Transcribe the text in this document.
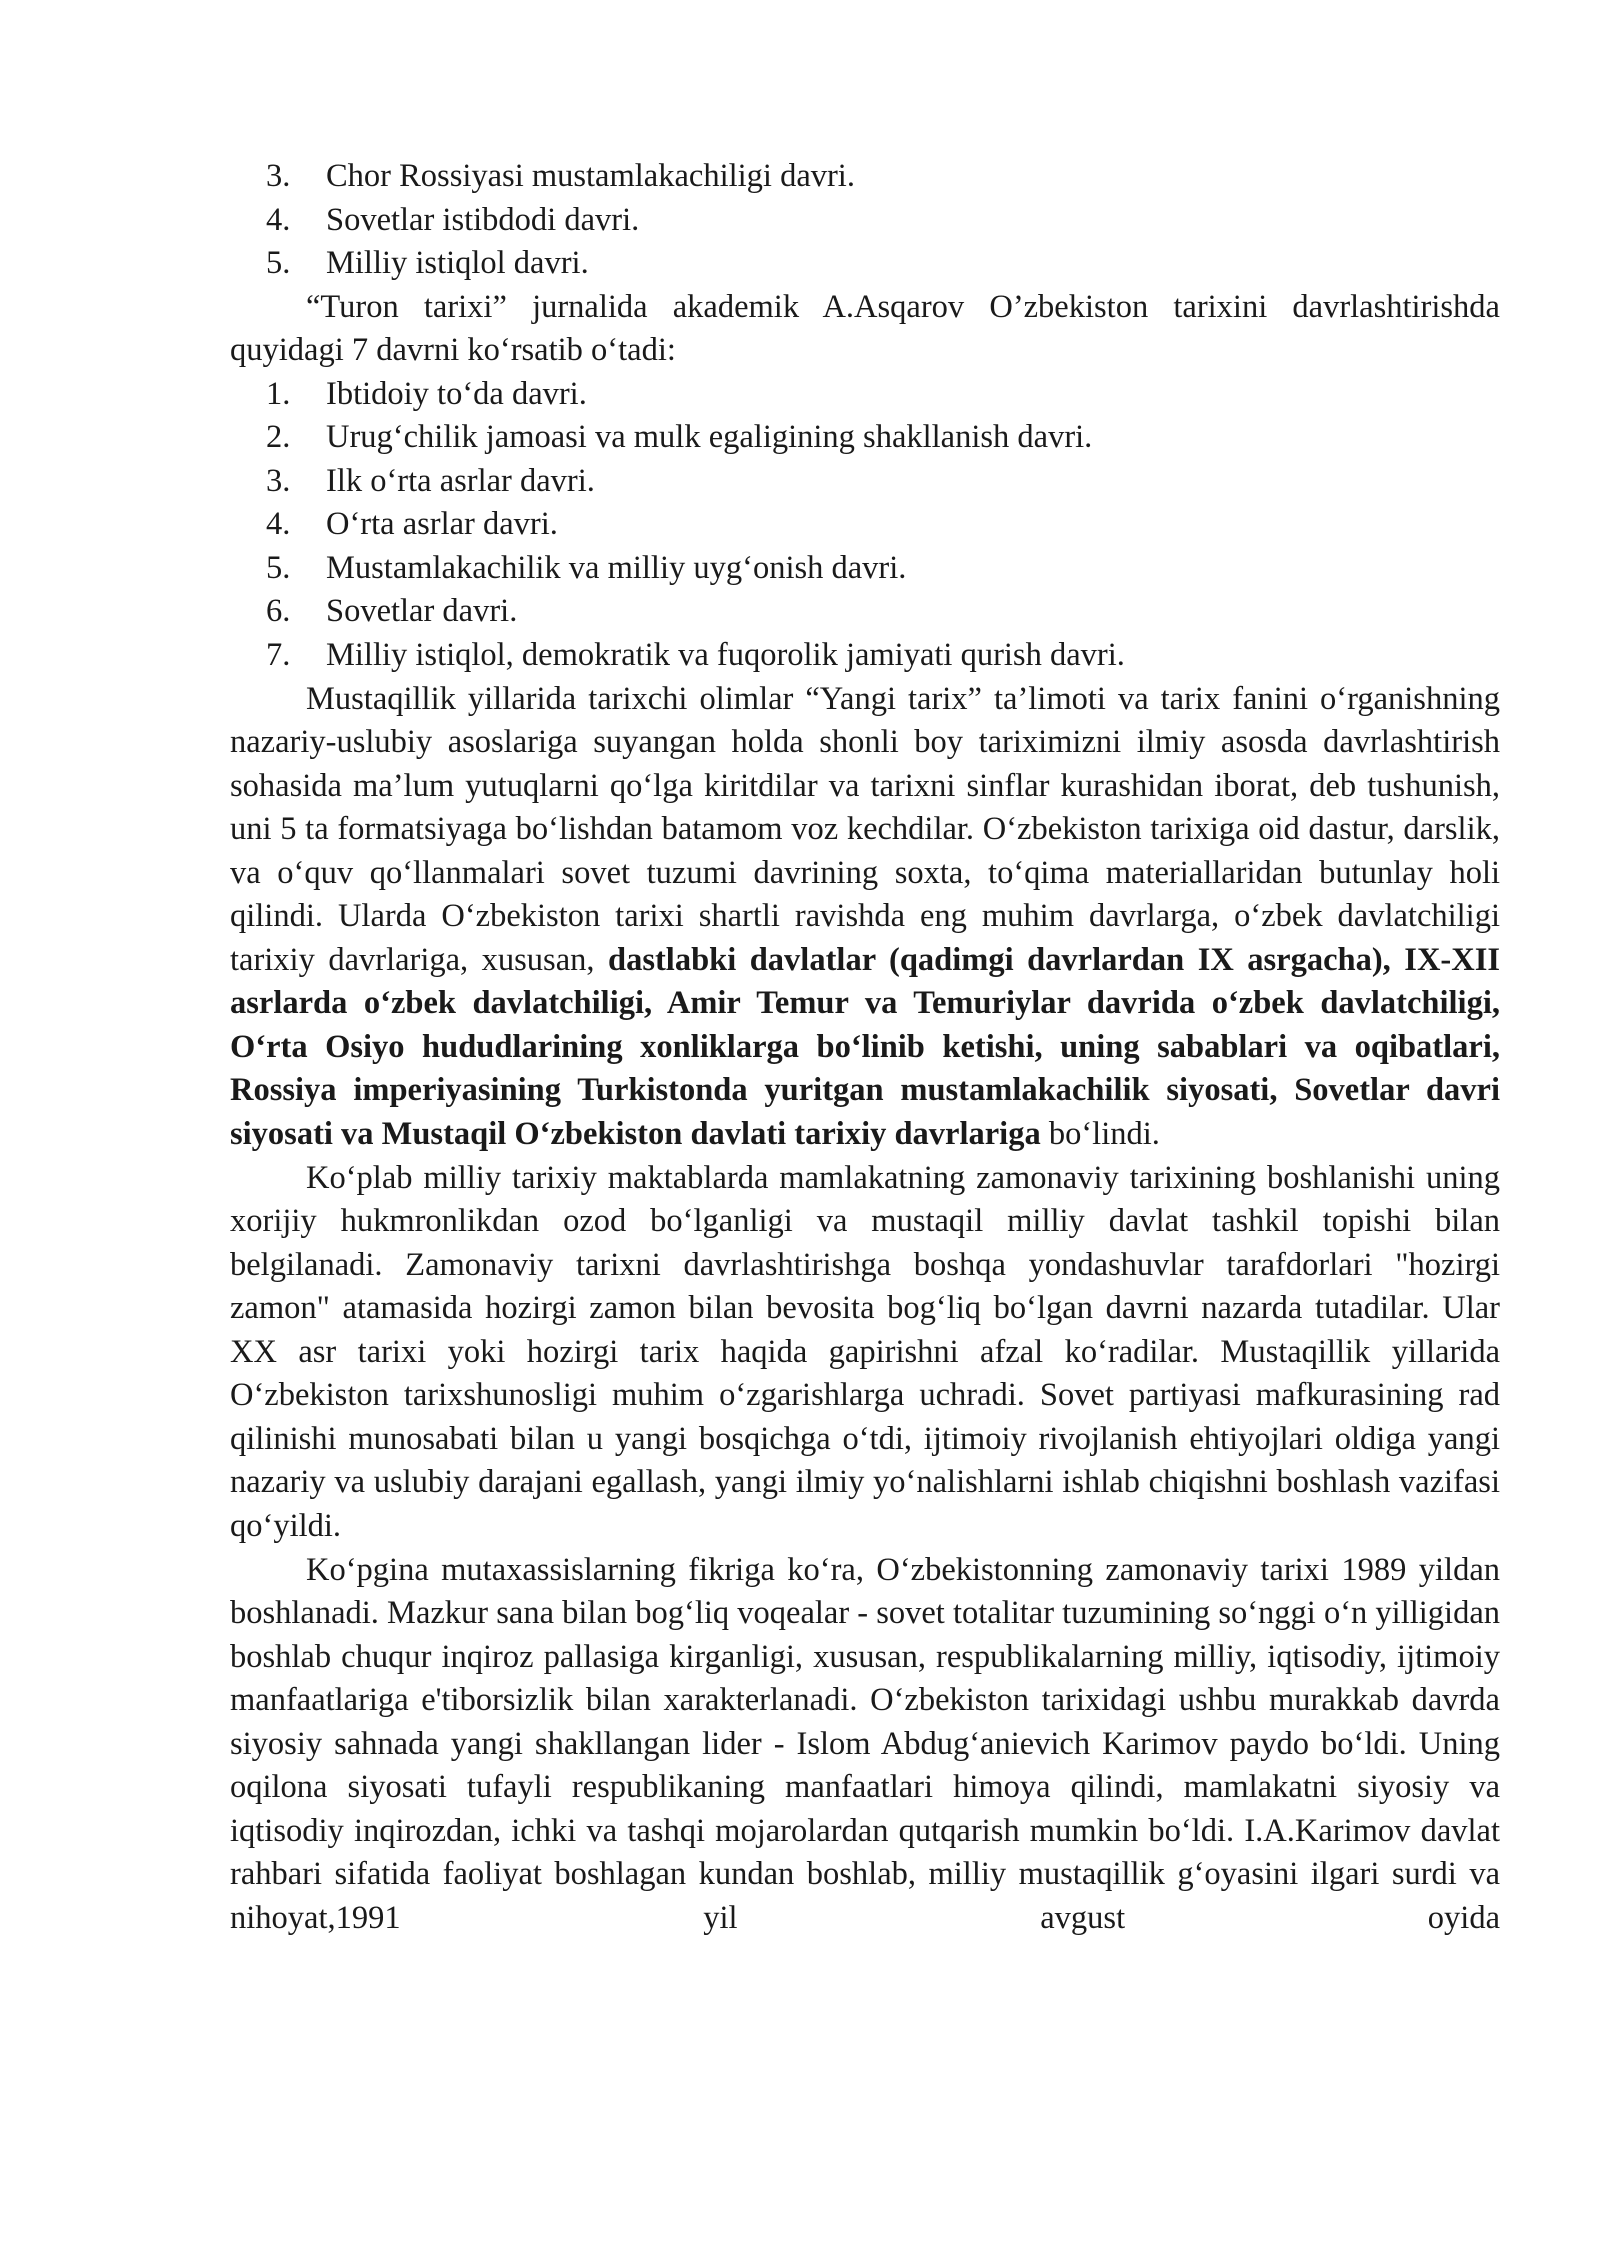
3. Chor Rossiyasi mustamlakachiligi davri.
4. Sovetlar istibdodi davri.
5. Milliy istiqlol davri.

“Turon tarixi” jurnalida akademik A.Asqarov O’zbekiston tarixini davrlashtirishda quyidagi 7 davrni ko‘rsatib o‘tadi:

1. Ibtidoiy to‘da davri.
2. Urug‘chilik jamoasi va mulk egaligining shakllanish davri.
3. Ilk o‘rta asrlar davri.
4. O‘rta asrlar davri.
5. Mustamlakachilik va milliy uyg‘onish davri.
6. Sovetlar davri.
7. Milliy istiqlol, demokratik va fuqorolik jamiyati qurish davri.

Mustaqillik yillarida tarixchi olimlar “Yangi tarix” ta’limoti va tarix fanini o‘rganishning nazariy-uslubiy asoslariga suyangan holda shonli boy tariximizni ilmiy asosda davrlashtirish sohasida ma’lum yutuqlarni qo‘lga kiritdilar va tarixni sinflar kurashidan iborat, deb tushunish, uni 5 ta formatsiyaga bo‘lishdan batamom voz kechdilar. O‘zbekiston tarixiga oid dastur, darslik, va o‘quv qo‘llanmalari sovet tuzumi davrining soxta, to‘qima materiallaridan butunlay holi qilindi. Ularda O‘zbekiston tarixi shartli ravishda eng muhim davrlarga, o‘zbek davlatchiligi tarixiy davrlariga, xususan, dastlabki davlatlar (qadimgi davrlardan IX asrgacha), IX-XII asrlarda o‘zbek davlatchiligi, Amir Temur va Temuriylar davrida o‘zbek davlatchiligi, O‘rta Osiyo hududlarining xonliklarga bo‘linib ketishi, uning sabablari va oqibatlari, Rossiya imperiyasining Turkistonda yuritgan mustamlakachilik siyosati, Sovetlar davri siyosati va Mustaqil O‘zbekiston davlati tarixiy davrlariga bo‘lindi.

Ko‘plab milliy tarixiy maktablarda mamlakatning zamonaviy tarixining boshlanishi uning xorijiy hukmronlikdan ozod bo‘lganligi va mustaqil milliy davlat tashkil topishi bilan belgilanadi. Zamonaviy tarixni davrlashtirishga boshqa yondashuvlar tarafdorlari "hozirgi zamon" atamasida hozirgi zamon bilan bevosita bog‘liq bo‘lgan davrni nazarda tutadilar. Ular XX asr tarixi yoki hozirgi tarix haqida gapirishni afzal ko‘radilar. Mustaqillik yillarida O‘zbekiston tarixshunosligi muhim o‘zgarishlarga uchradi. Sovet partiyasi mafkurasining rad qilinishi munosabati bilan u yangi bosqichga o‘tdi, ijtimoiy rivojlanish ehtiyojlari oldiga yangi nazariy va uslubiy darajani egallash, yangi ilmiy yo‘nalishlarni ishlab chiqishni boshlash vazifasi qo‘yildi.

Ko‘pgina mutaxassislarning fikriga ko‘ra, O‘zbekistonning zamonaviy tarixi 1989 yildan boshlanadi. Mazkur sana bilan bog‘liq voqealar - sovet totalitar tuzumining so‘nggi o‘n yilligidan boshlab chuqur inqiroz pallasiga kirganligi, xususan, respublikalarning milliy, iqtisodiy, ijtimoiy manfaatlariga e'tiborsizlik bilan xarakterlanadi. O‘zbekiston tarixidagi ushbu murakkab davrda siyosiy sahnada yangi shakllangan lider - Islom Abdug‘anievich Karimov paydo bo‘ldi. Uning oqilona siyosati tufayli respublikaning manfaatlari himoya qilindi, mamlakatni siyosiy va iqtisodiy inqirozdan, ichki va tashqi mojarolardan qutqarish mumkin bo‘ldi. I.A.Karimov davlat rahbari sifatida faoliyat boshlagan kundan boshlab, milliy mustaqillik g‘oyasini ilgari surdi va nihoyat,1991 yil avgust oyida
